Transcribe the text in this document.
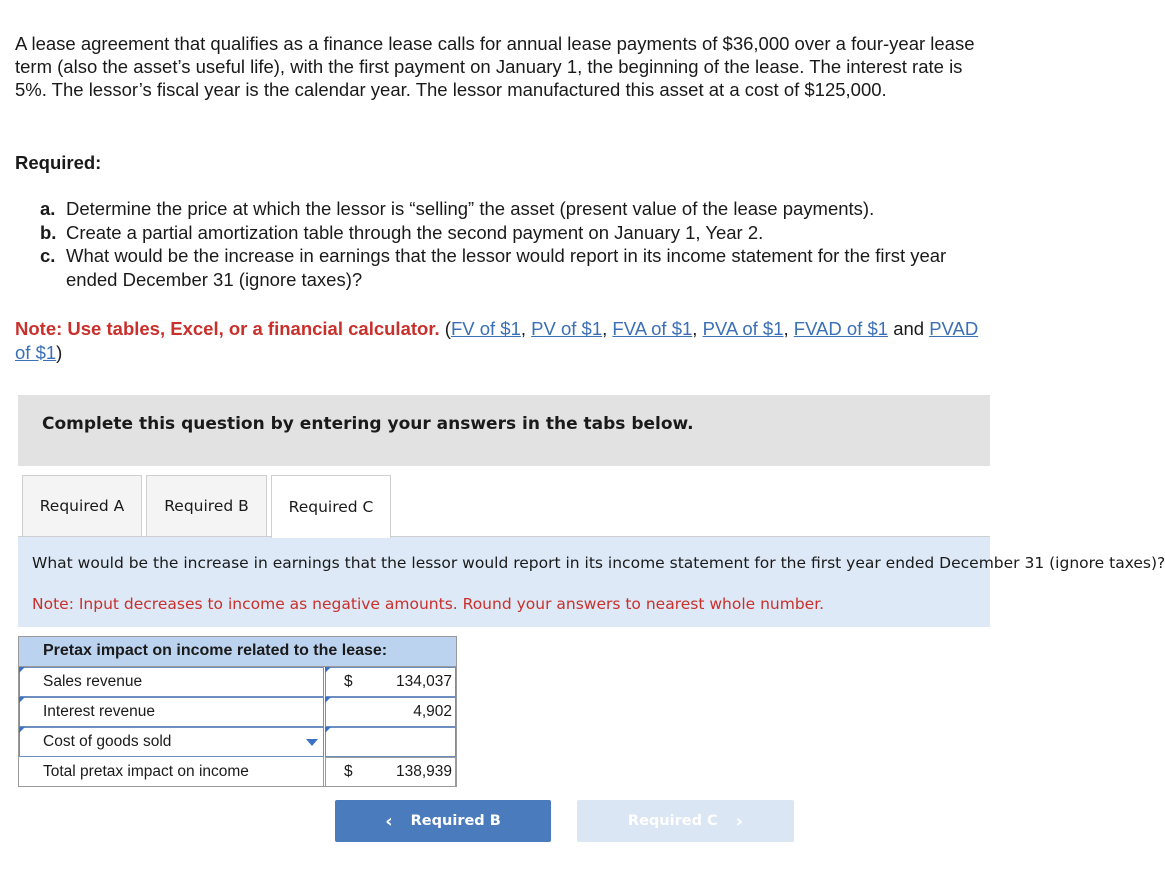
A lease agreement that qualifies as a finance lease calls for annual lease payments of $36,000 over a four-year lease term (also the asset’s useful life), with the first payment on January 1, the beginning of the lease. The interest rate is 5%. The lessor’s fiscal year is the calendar year. The lessor manufactured this asset at a cost of $125,000.

Required:

a. Determine the price at which the lessor is “selling” the asset (present value of the lease payments).
b. Create a partial amortization table through the second payment on January 1, Year 2.
c. What would be the increase in earnings that the lessor would report in its income statement for the first year ended December 31 (ignore taxes)?

Note: Use tables, Excel, or a financial calculator. (FV of $1, PV of $1, FVA of $1, PVA of $1, FVAD of $1 and PVAD of $1)

Complete this question by entering your answers in the tabs below.
Required A	Required B	Required C

What would be the increase in earnings that the lessor would report in its income statement for the first year ended December 31 (ignore taxes)?

Note: Input decreases to income as negative amounts. Round your answers to nearest whole number.

Pretax impact on income related to the lease:
Sales revenue	$	134,037
Interest revenue	4,902
Cost of goods sold
Total pretax impact on income	$	138,939
‹ Required B	Required C ›
